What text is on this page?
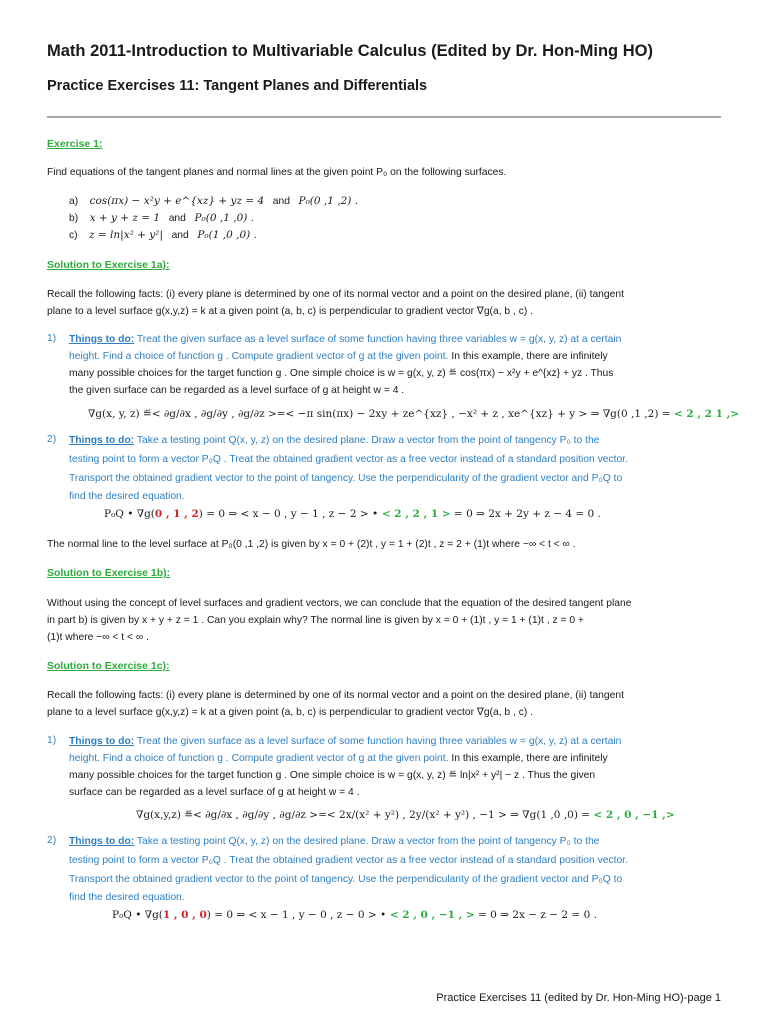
Math 2011-Introduction to Multivariable Calculus (Edited by Dr. Hon-Ming HO)
Practice Exercises 11: Tangent Planes and Differentials
Exercise 1:
Find equations of the tangent planes and normal lines at the given point P₀ on the following surfaces.
a) cos(πx) − x²y + e^{xz} + yz = 4 and P₀(0 ,1 ,2) .
b) x + y + z = 1 and P₀(0 ,1 ,0) .
c) z = ln|x² + y²| and P₀(1 ,0 ,0) .
Solution to Exercise 1a):
Recall the following facts: (i) every plane is determined by one of its normal vector and a point on the desired plane, (ii) tangent
plane to a level surface g(x,y,z) = k at a given point (a, b, c) is perpendicular to gradient vector ∇g(a, b , c) .
1) Things to do: Treat the given surface as a level surface of some function having three variables w = g(x, y, z) at a certain
height. Find a choice of function g . Compute gradient vector of g at the given point. In this example, there are infinitely
many possible choices for the target function g . One simple choice is w = g(x, y, z) ≝ cos(πx) − x²y + e^{xz} + yz . Thus
the given surface can be regarded as a level surface of g at height w = 4 .
∇g(x, y, z) ≝< ∂g/∂x , ∂g/∂y , ∂g/∂z >=< −π sin(πx) − 2xy + ze^{xz} , −x² + z , xe^{xz} + y > ⇒ ∇g(0 ,1 ,2) = < 2 , 2 1 ,>
2) Things to do: Take a testing point Q(x, y, z) on the desired plane. Draw a vector from the point of tangency P₀ to the
testing point to form a vector P₀Q . Treat the obtained gradient vector as a free vector instead of a standard position vector.
Transport the obtained gradient vector to the point of tangency. Use the perpendicularity of the gradient vector and P₀Q to
find the desired equation.
P₀Q • ∇g(0 , 1 , 2) = 0 ⇒ < x − 0 , y − 1 , z − 2 > • < 2 , 2 , 1 > = 0 ⇒ 2x + 2y + z − 4 = 0 .
The normal line to the level surface at P₀(0 ,1 ,2) is given by x = 0 + (2)t , y = 1 + (2)t , z = 2 + (1)t where −∞ < t < ∞ .
Solution to Exercise 1b):
Without using the concept of level surfaces and gradient vectors, we can conclude that the equation of the desired tangent plane
in part b) is given by x + y + z = 1 . Can you explain why? The normal line is given by x = 0 + (1)t , y = 1 + (1)t , z = 0 +
(1)t where −∞ < t < ∞ .
Solution to Exercise 1c):
Recall the following facts: (i) every plane is determined by one of its normal vector and a point on the desired plane, (ii) tangent
plane to a level surface g(x,y,z) = k at a given point (a, b, c) is perpendicular to gradient vector ∇g(a, b , c) .
1) Things to do: Treat the given surface as a level surface of some function having three variables w = g(x, y, z) at a certain
height. Find a choice of function g . Compute gradient vector of g at the given point. In this example, there are infinitely
many possible choices for the target function g . One simple choice is w = g(x, y, z) ≝ ln|x² + y²| − z . Thus the given
surface can be regarded as a level surface of g at height w = 4 .
∇g(x,y,z) ≝< ∂g/∂x , ∂g/∂y , ∂g/∂z >=< 2x/(x² + y²) , 2y/(x² + y²) , −1 > ⇒ ∇g(1 ,0 ,0) = < 2 , 0 , −1 ,>
2) Things to do: Take a testing point Q(x, y, z) on the desired plane. Draw a vector from the point of tangency P₀ to the
testing point to form a vector P₀Q . Treat the obtained gradient vector as a free vector instead of a standard position vector.
Transport the obtained gradient vector to the point of tangency. Use the perpendicularity of the gradient vector and P₀Q to
find the desired equation.
P₀Q • ∇g(1 , 0 , 0) = 0 ⇒ < x − 1 , y − 0 , z − 0 > • < 2 , 0 , −1 , > = 0 ⇒ 2x − z − 2 = 0 .
Practice Exercises 11 (edited by Dr. Hon-Ming HO)-page 1
